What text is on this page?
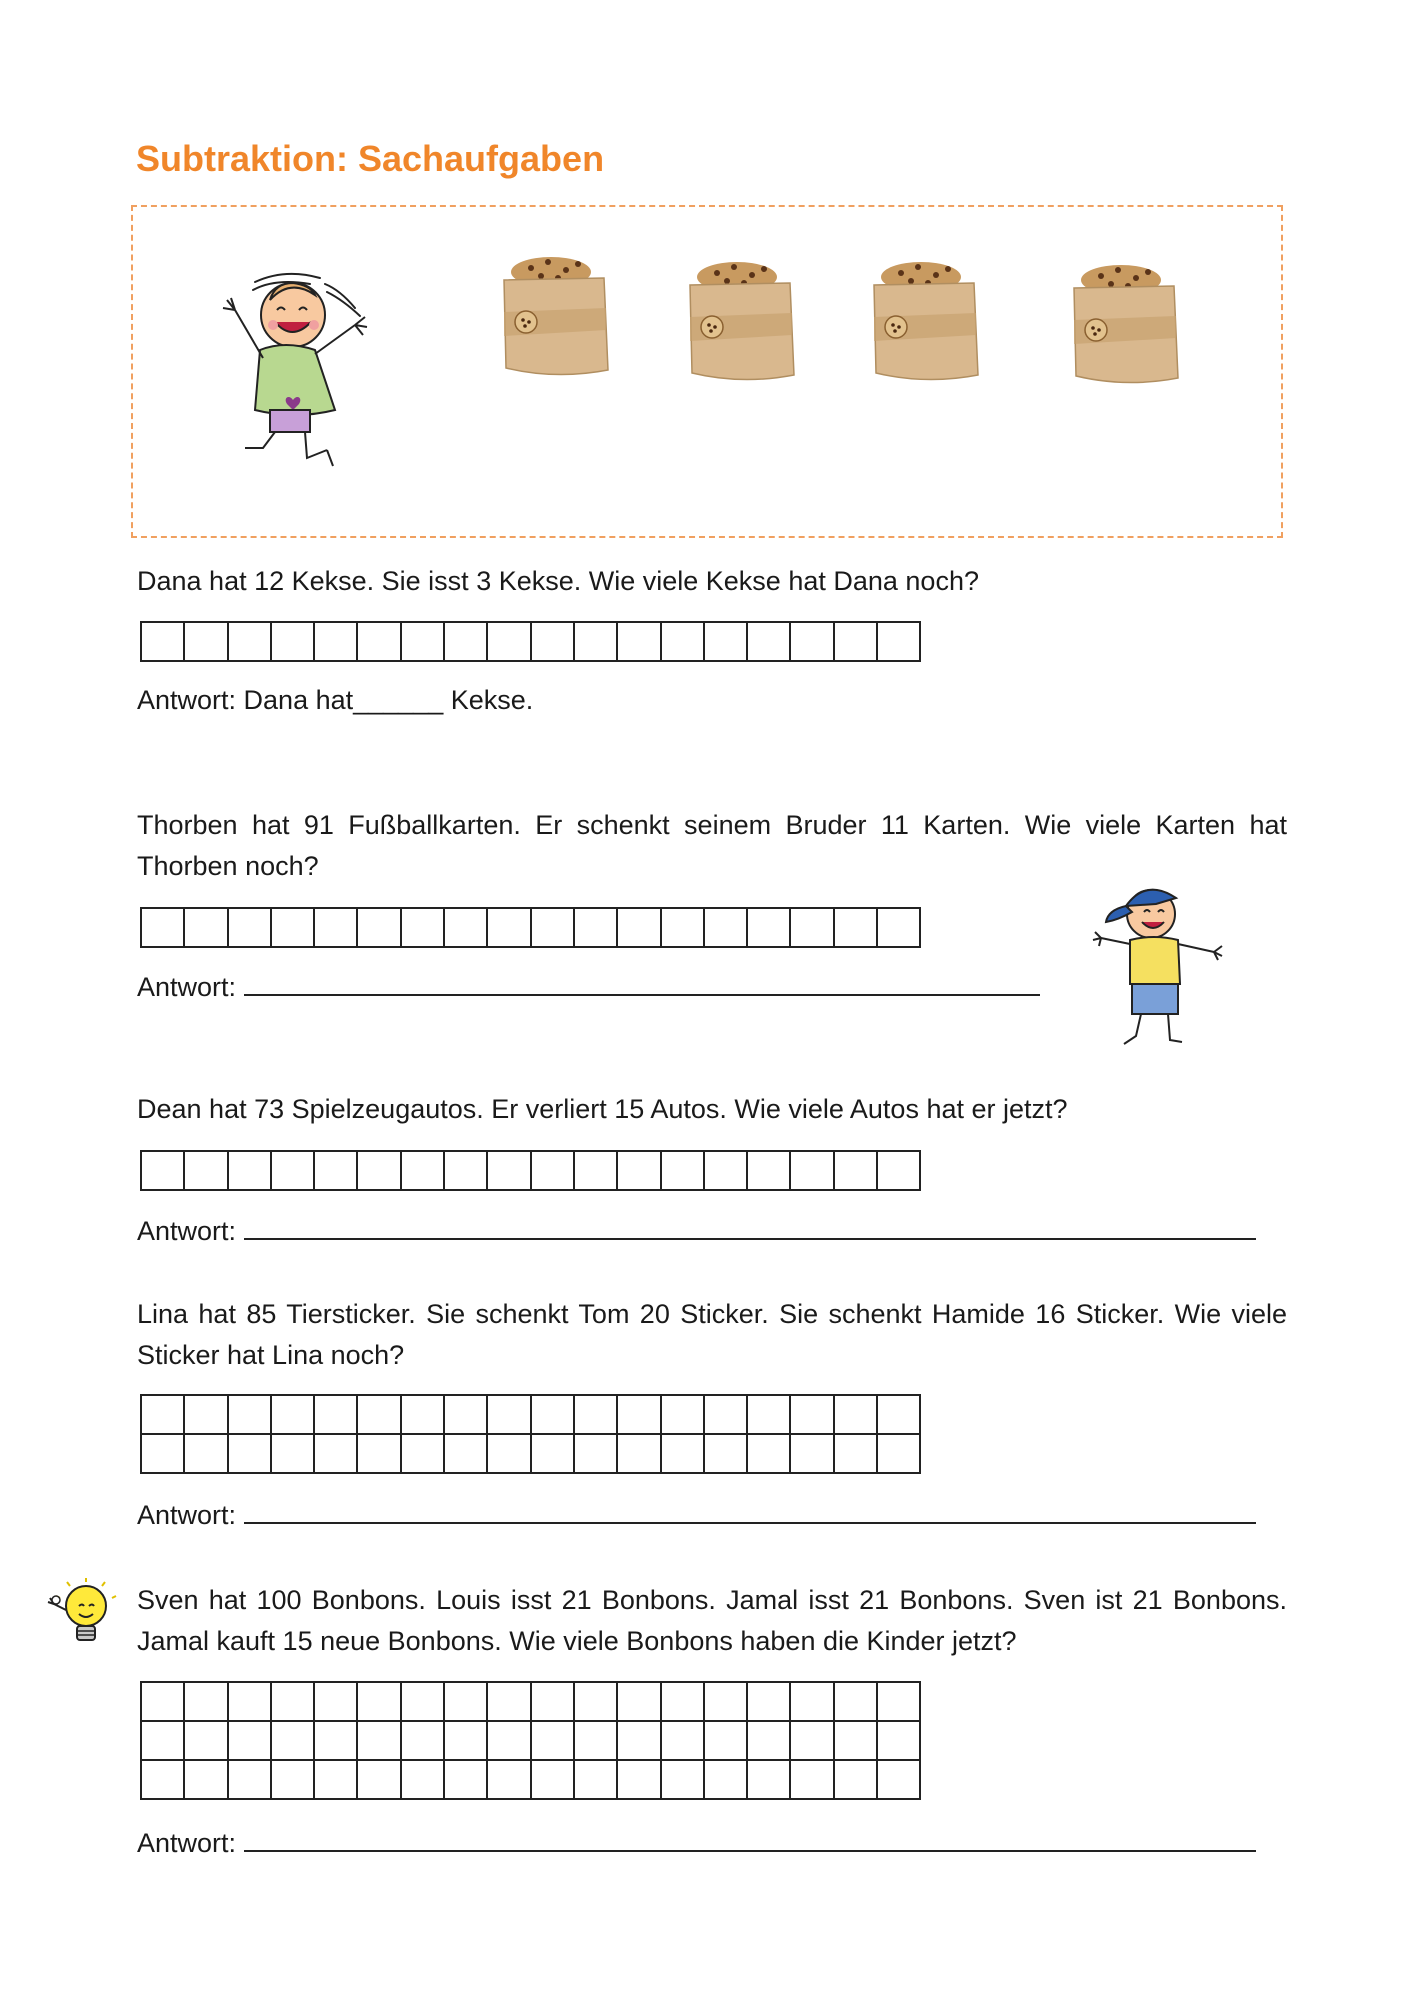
Subtraktion: Sachaufgaben
Dana hat 12 Kekse. Sie isst 3 Kekse. Wie viele Kekse hat Dana noch?

Antwort: Dana hat______ Kekse.
Thorben hat 91 Fußballkarten. Er schenkt seinem Bruder 11 Karten. Wie viele Karten hat Thorben noch?

Antwort:
Dean hat 73 Spielzeugautos. Er verliert 15 Autos. Wie viele Autos hat er jetzt?

Antwort:
Lina hat 85 Tiersticker. Sie schenkt Tom 20 Sticker. Sie schenkt Hamide 16 Sticker. Wie viele Sticker hat Lina noch?

Antwort:
Sven hat 100 Bonbons. Louis isst 21 Bonbons. Jamal isst 21 Bonbons. Sven ist 21 Bonbons. Jamal kauft 15 neue Bonbons. Wie viele Bonbons haben die Kinder jetzt?

Antwort:
